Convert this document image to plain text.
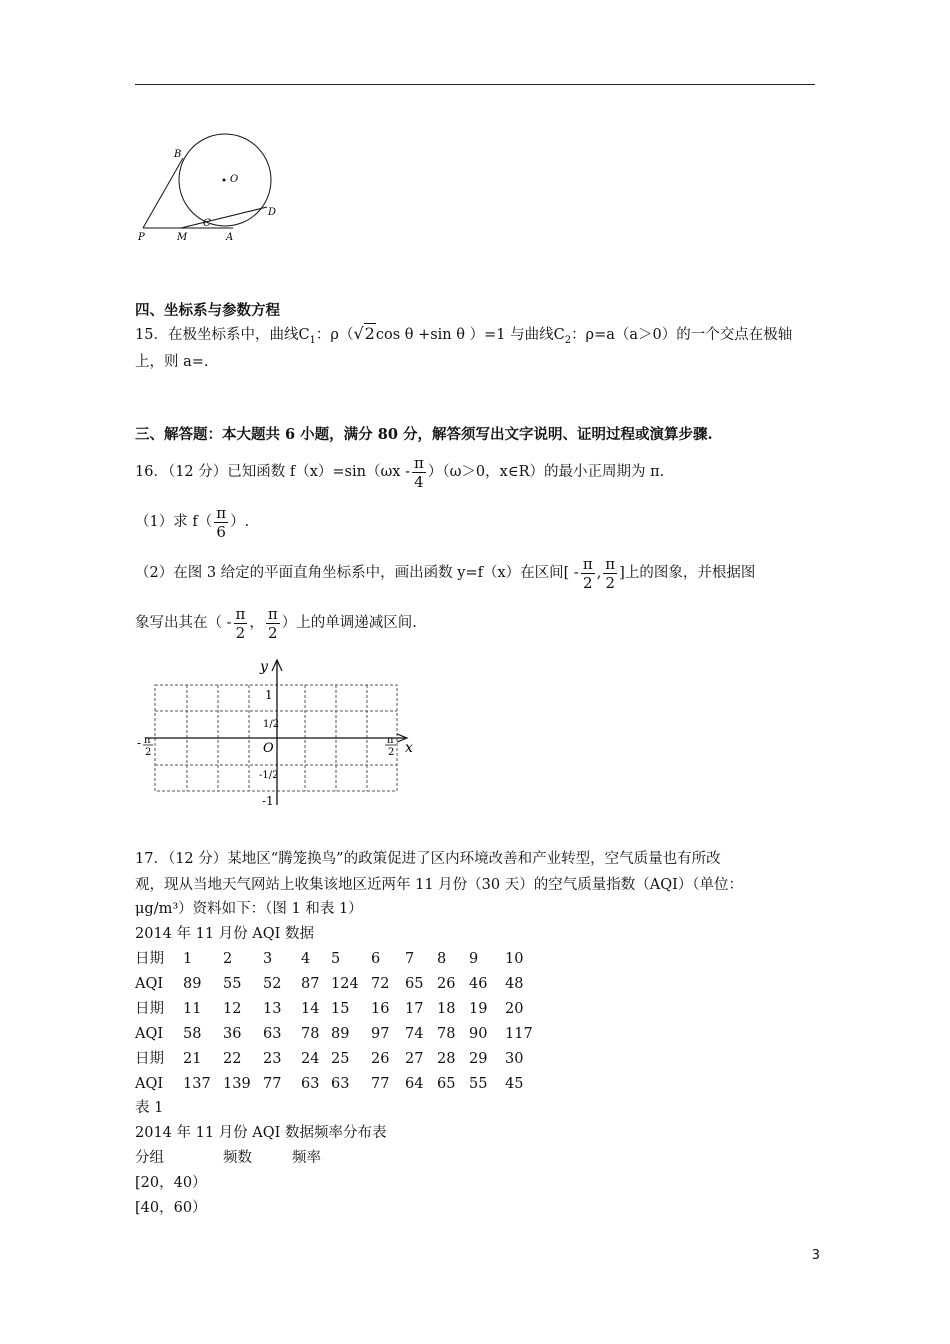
B
O
C
D
P	M	A
四、坐标系与参数方程
15．在极坐标系中，曲线$C_1$：ρ（√2cos θ +sin θ ）=1 与曲线$C_2$：ρ=a（a＞0）的一个交点在极轴
上，则 a=.
三、解答题：本大题共 6 小题，满分 80 分，解答须写出文字说明、证明过程或演算步骤.
16．（12 分）已知函数 $f(x)=\sin(\omega x - \frac{\pi}{4} )(\omega>0$，x∈R）的最小正周期为 π.
（1）求 $f( \frac{\pi}{6}$ ）.
（2）在图 3 给定的平面直角坐标系中，画出函数 y=f（x）在区间[ - $\frac{\pi}{2}$ , $\frac{\pi}{2}$ ]上的图象，并根据图
象写出其在（ - $\frac{\pi}{2}$ ， $\frac{\pi}{2}$ ）上的单调递减区间.
y
x
O
1
1/2
-1/2
-1
- π
2
π
2
17．（12 分）某地区“腾笼换鸟”的政策促进了区内环境改善和产业转型，空气质量也有所改
观，现从当地天气网站上收集该地区近两年 11 月份（30 天）的空气质量指数（AQI）（单位：
μg/m³）资料如下：（图 1 和表 1）
2014 年 11 月份 AQI 数据
日期 1 2 3 4 5 6 7 8 9 10
AQI 89 55 52 87 124 72 65 26 46 48
日期 11 12 13 14 15 16 17 18 19 20
AQI 58 36 63 78 89 97 74 78 90 117
日期 21 22 23 24 25 26 27 28 29 30
AQI 137 139 77 63 63 77 64 65 55 45
表 1
2014 年 11 月份 AQI 数据频率分布表
分组	频数	频率
[20，40）
[40，60）
3
